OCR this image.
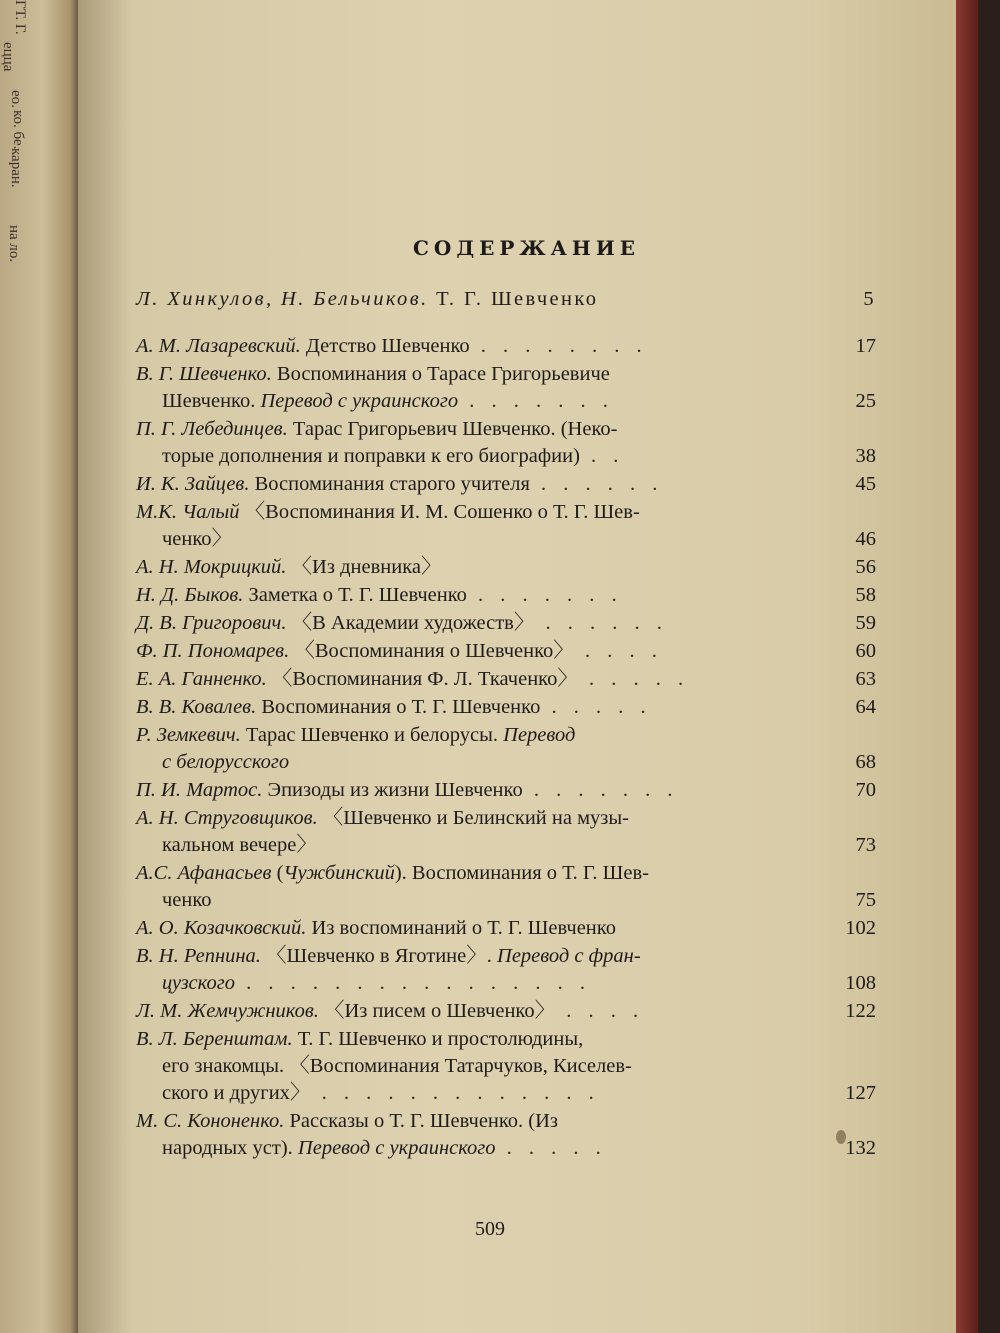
ГТ. Г.
ецца
ео.
ко. бе.
каран.
на ло.	СОДЕРЖАНИЕ
Л. Хинкулов, Н. Бельчиков. Т. Г. Шевченко	5
А. М. Лазаревский. Детство Шевченко . . . . . . . .	17
В. Г. Шевченко. Воспоминания о Тарасе Григорьевиче
Шевченко. Перевод с украинского . . . . . . .	25
П. Г. Лебединцев. Тарас Григорьевич Шевченко. (Неко-
торые дополнения и поправки к его биографии) . .	38
И. К. Зайцев. Воспоминания старого учителя . . . . . .	45
М.К. Чалый 〈Воспоминания И. М. Сошенко о Т. Г. Шев-
ченко〉	46
А. Н. Мокрицкий. 〈Из дневника〉	56
Н. Д. Быков. Заметка о Т. Г. Шевченко . . . . . . .	58
Д. В. Григорович. 〈В Академии художеств〉 . . . . . .	59
Ф. П. Пономарев. 〈Воспоминания о Шевченко〉 . . . .	60
Е. А. Ганненко. 〈Воспоминания Ф. Л. Ткаченко〉 . . . . .	63
В. В. Ковалев. Воспоминания о Т. Г. Шевченко . . . . .	64
Р. Земкевич. Тарас Шевченко и белорусы. Перевод
с белорусского	68
П. И. Мартос. Эпизоды из жизни Шевченко . . . . . . .	70
А. Н. Струговщиков. 〈Шевченко и Белинский на музы-
кальном вечере〉	73
А.С. Афанасьев (Чужбинский). Воспоминания о Т. Г. Шев-
ченко	75
А. О. Козачковский. Из воспоминаний о Т. Г. Шевченко	102
В. Н. Репнина. 〈Шевченко в Яготине〉. Перевод с фран-
цузского . . . . . . . . . . . . . . . .	108
Л. М. Жемчужников. 〈Из писем о Шевченко〉 . . . .	122
В. Л. Беренштам. Т. Г. Шевченко и простолюдины,
его знакомцы. 〈Воспоминания Татарчуков, Киселев-
ского и других〉 . . . . . . . . . . . . .	127
М. С. Кононенко. Рассказы о Т. Г. Шевченко. (Из
народных уст). Перевод с украинского . . . . .	132
509
